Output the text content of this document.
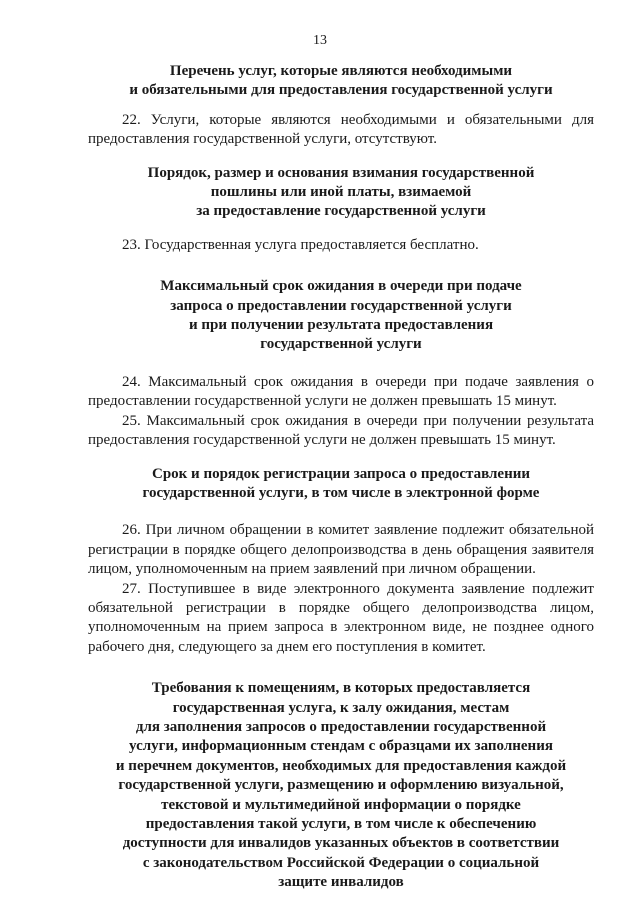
13
Перечень услуг, которые являются необходимыми
и обязательными для предоставления государственной услуги

22. Услуги, которые являются необходимыми и обязательными для предоставления государственной услуги, отсутствуют.

Порядок, размер и основания взимания государственной
пошлины или иной платы, взимаемой
за предоставление государственной услуги

23. Государственная услуга предоставляется бесплатно.

Максимальный срок ожидания в очереди при подаче
запроса о предоставлении государственной услуги
и при получении результата предоставления
государственной услуги

24. Максимальный срок ожидания в очереди при подаче заявления о предоставлении государственной услуги не должен превышать 15 минут.

25. Максимальный срок ожидания в очереди при получении результата предоставления государственной услуги не должен превышать 15 минут.

Срок и порядок регистрации запроса о предоставлении
государственной услуги, в том числе в электронной форме

26. При личном обращении в комитет заявление подлежит обязательной регистрации в порядке общего делопроизводства в день обращения заявителя лицом, уполномоченным на прием заявлений при личном обращении.

27. Поступившее в виде электронного документа заявление подлежит обязательной регистрации в порядке общего делопроизводства лицом, уполномоченным на прием запроса в электронном виде, не позднее одного рабочего дня, следующего за днем его поступления в комитет.

Требования к помещениям, в которых предоставляется
государственная услуга, к залу ожидания, местам
для заполнения запросов о предоставлении государственной
услуги, информационным стендам с образцами их заполнения
и перечнем документов, необходимых для предоставления каждой
государственной услуги, размещению и оформлению визуальной,
текстовой и мультимедийной информации о порядке
предоставления такой услуги, в том числе к обеспечению
доступности для инвалидов указанных объектов в соответствии
с законодательством Российской Федерации о социальной
защите инвалидов
